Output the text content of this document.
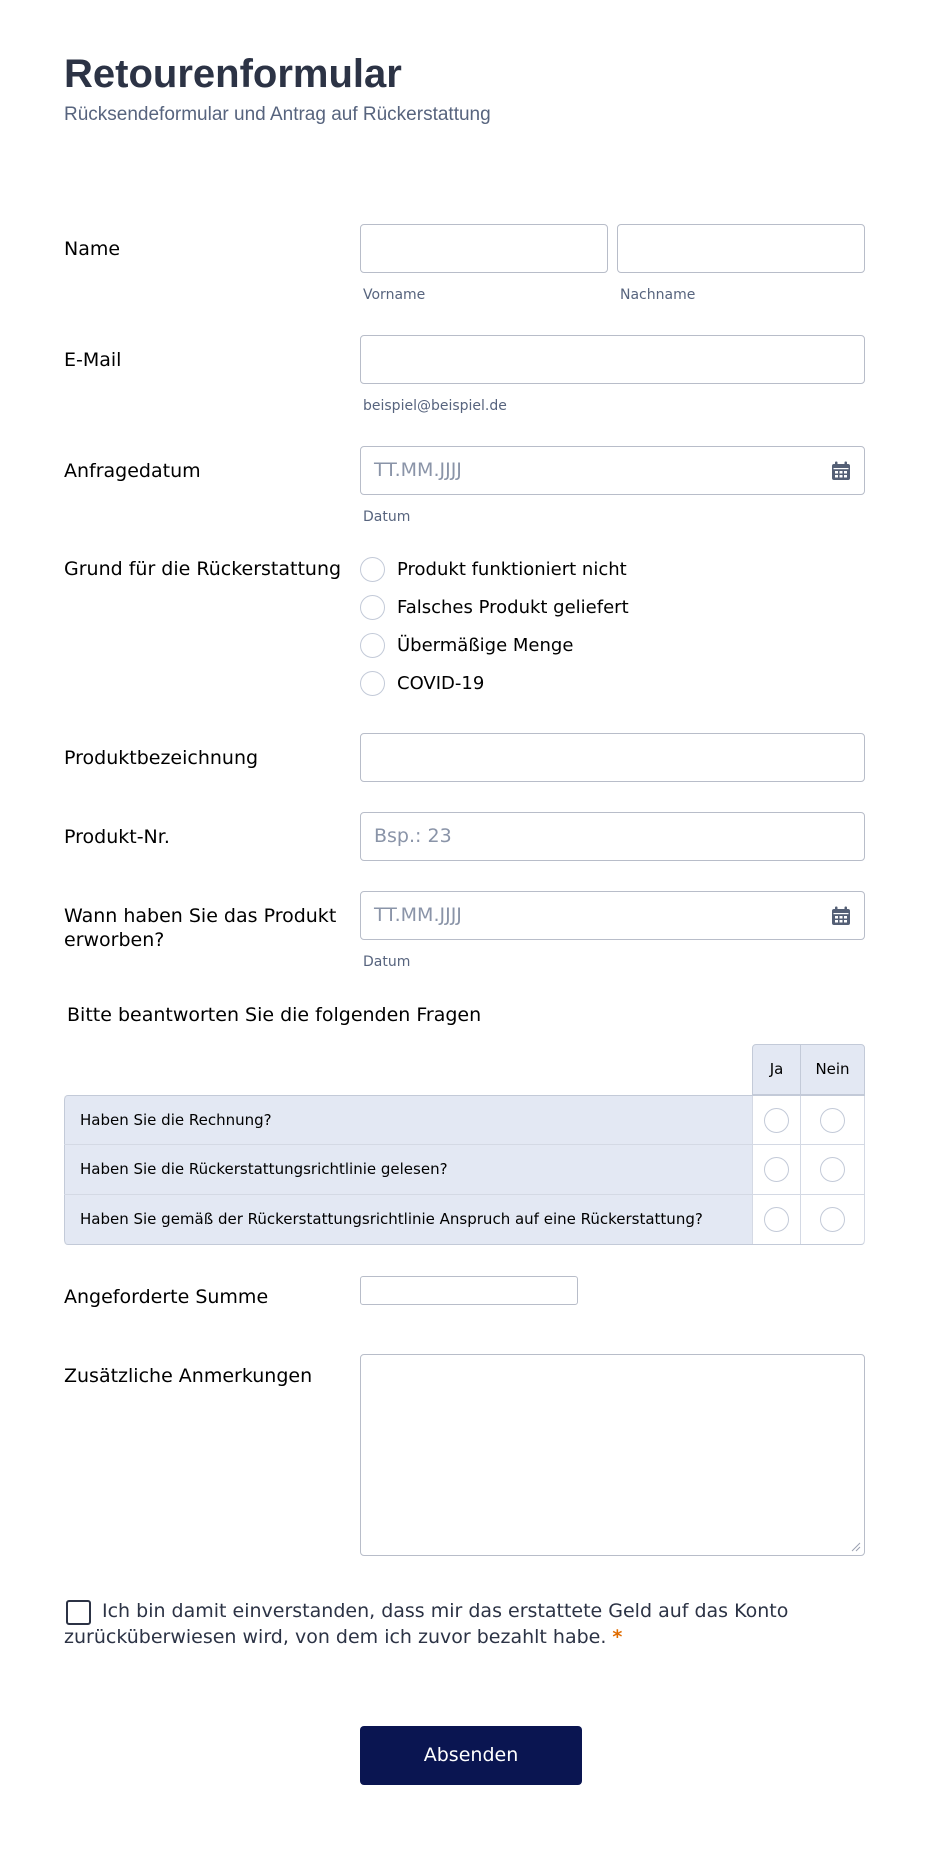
Retourenformular
Rücksendeformular und Antrag auf Rückerstattung
Name
Vorname	Nachname
E-Mail
beispiel@beispiel.de
Anfragedatum	TT.MM.JJJJ
Datum
Grund für die Rückerstattung	Produkt funktioniert nicht
Falsches Produkt geliefert
Übermäßige Menge
COVID-19
Produktbezeichnung
Produkt-Nr.	Bsp.: 23
Wann haben Sie das Produkt erworben?
TT.MM.JJJJ
Datum
Bitte beantworten Sie die folgenden Fragen
Ja	Nein
Haben Sie die Rechnung?
Haben Sie die Rückerstattungsrichtlinie gelesen?
Haben Sie gemäß der Rückerstattungsrichtlinie Anspruch auf eine Rückerstattung?
Angeforderte Summe
Zusätzliche Anmerkungen
Ich bin damit einverstanden, dass mir das erstattete Geld auf das Konto zurücküberwiesen wird, von dem ich zuvor bezahlt habe. *
Absenden
